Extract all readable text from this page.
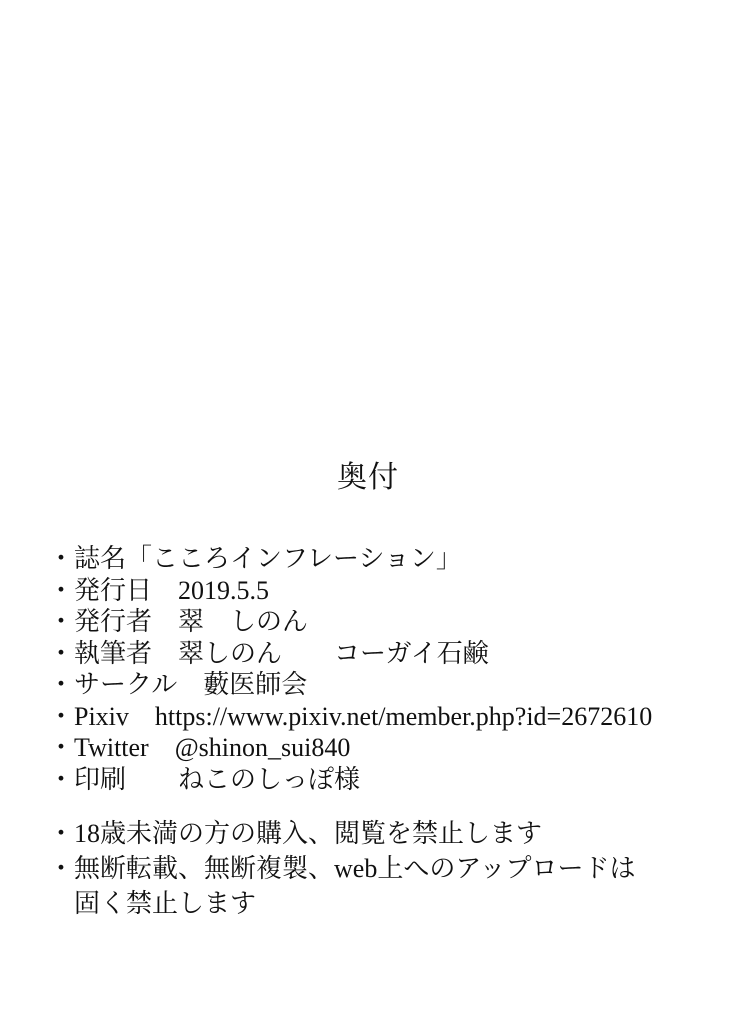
奥付
・誌名「こころインフレーション」
・発行日　2019.5.5
・発行者　翠　しのん
・執筆者　翠しのん　　コーガイ石鹸
・サークル　藪医師会
・Pixiv　https://www.pixiv.net/member.php?id=2672610
・Twitter　@shinon_sui840
・印刷　　ねこのしっぽ様
・18歳未満の方の購入、閲覧を禁止します
・無断転載、無断複製、web上へのアップロードは
　固く禁止します
